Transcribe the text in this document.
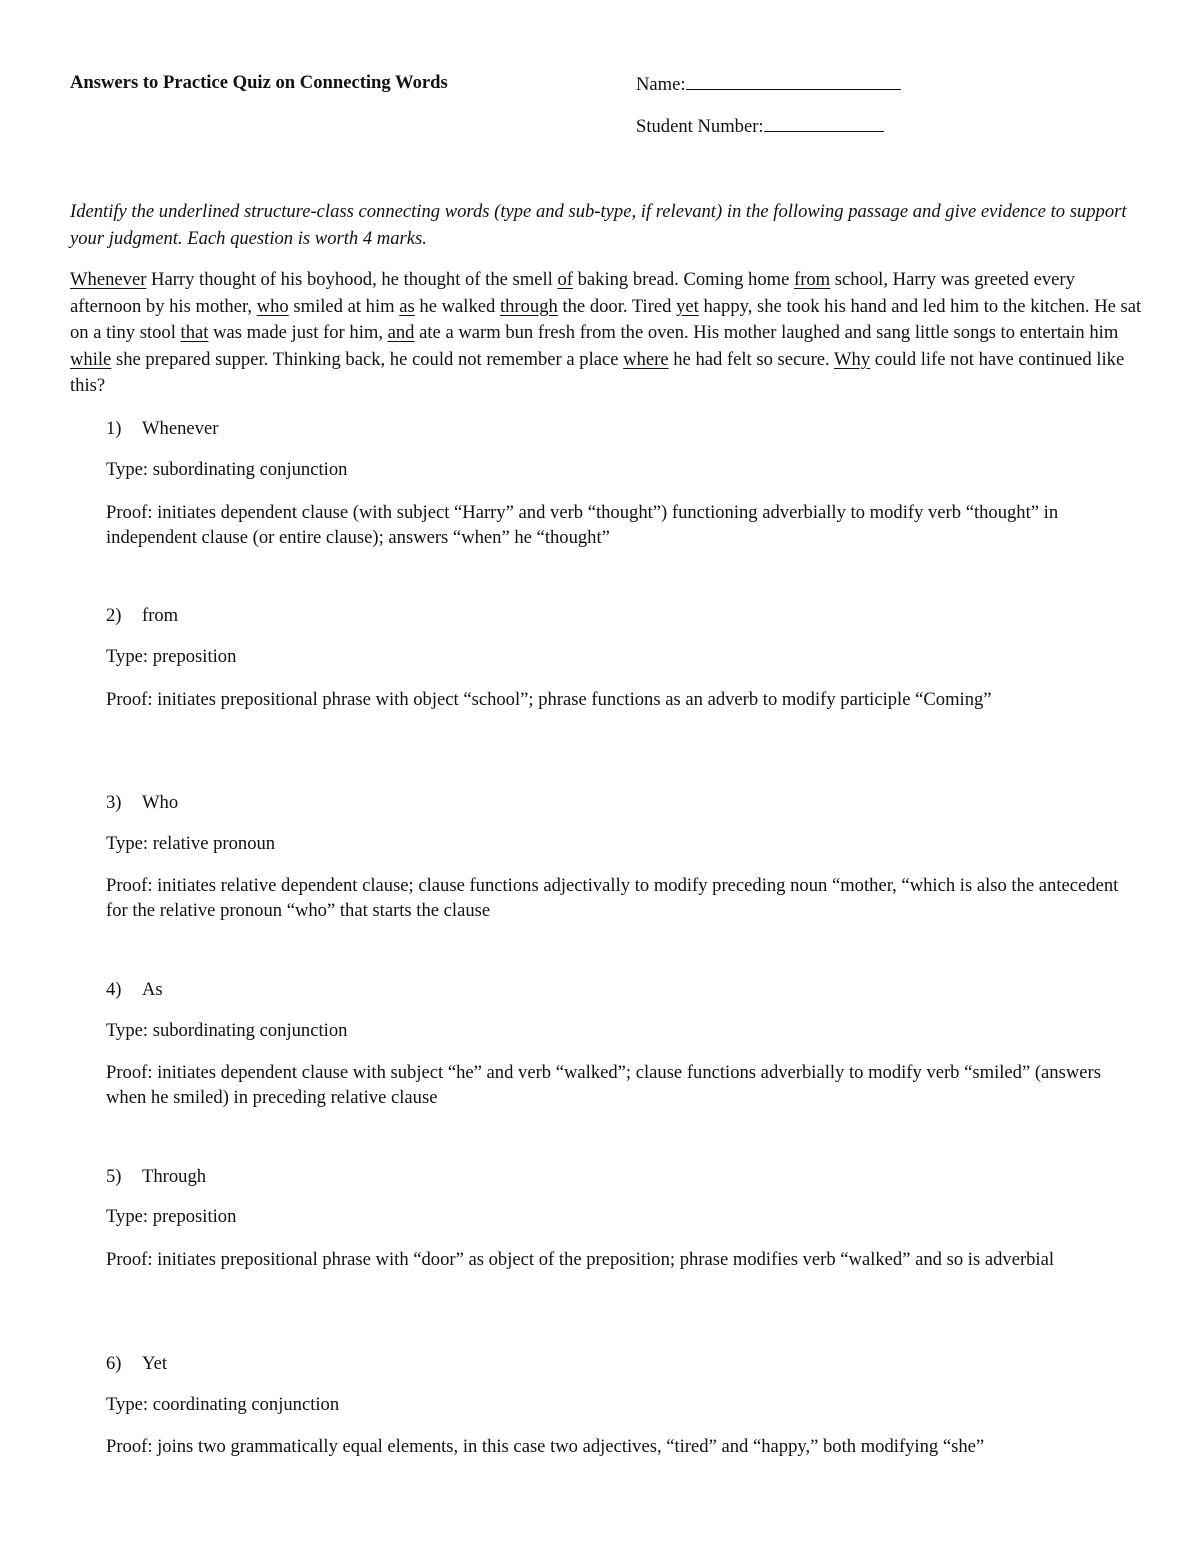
Answers to Practice Quiz on Connecting Words	Name:
Student Number:
Identify the underlined structure-class connecting words (type and sub-type, if relevant) in the following passage and give evidence to support your judgment. Each question is worth 4 marks.
Whenever Harry thought of his boyhood, he thought of the smell of baking bread. Coming home from school, Harry was greeted every afternoon by his mother, who smiled at him as he walked through the door. Tired yet happy, she took his hand and led him to the kitchen. He sat on a tiny stool that was made just for him, and ate a warm bun fresh from the oven. His mother laughed and sang little songs to entertain him while she prepared supper. Thinking back, he could not remember a place where he had felt so secure. Why could life not have continued like this?
1) Whenever
Type: subordinating conjunction
Proof: initiates dependent clause (with subject “Harry” and verb “thought”) functioning adverbially to modify verb “thought” in independent clause (or entire clause); answers “when” he “thought”
2) from
Type: preposition
Proof: initiates prepositional phrase with object “school”; phrase functions as an adverb to modify participle “Coming”
3) Who
Type: relative pronoun
Proof: initiates relative dependent clause; clause functions adjectivally to modify preceding noun “mother, “which is also the antecedent for the relative pronoun “who” that starts the clause
4) As
Type: subordinating conjunction
Proof: initiates dependent clause with subject “he” and verb “walked”; clause functions adverbially to modify verb “smiled” (answers when he smiled) in preceding relative clause
5) Through
Type: preposition
Proof: initiates prepositional phrase with “door” as object of the preposition; phrase modifies verb “walked” and so is adverbial
6) Yet
Type: coordinating conjunction
Proof: joins two grammatically equal elements, in this case two adjectives, “tired” and “happy,” both modifying “she”
